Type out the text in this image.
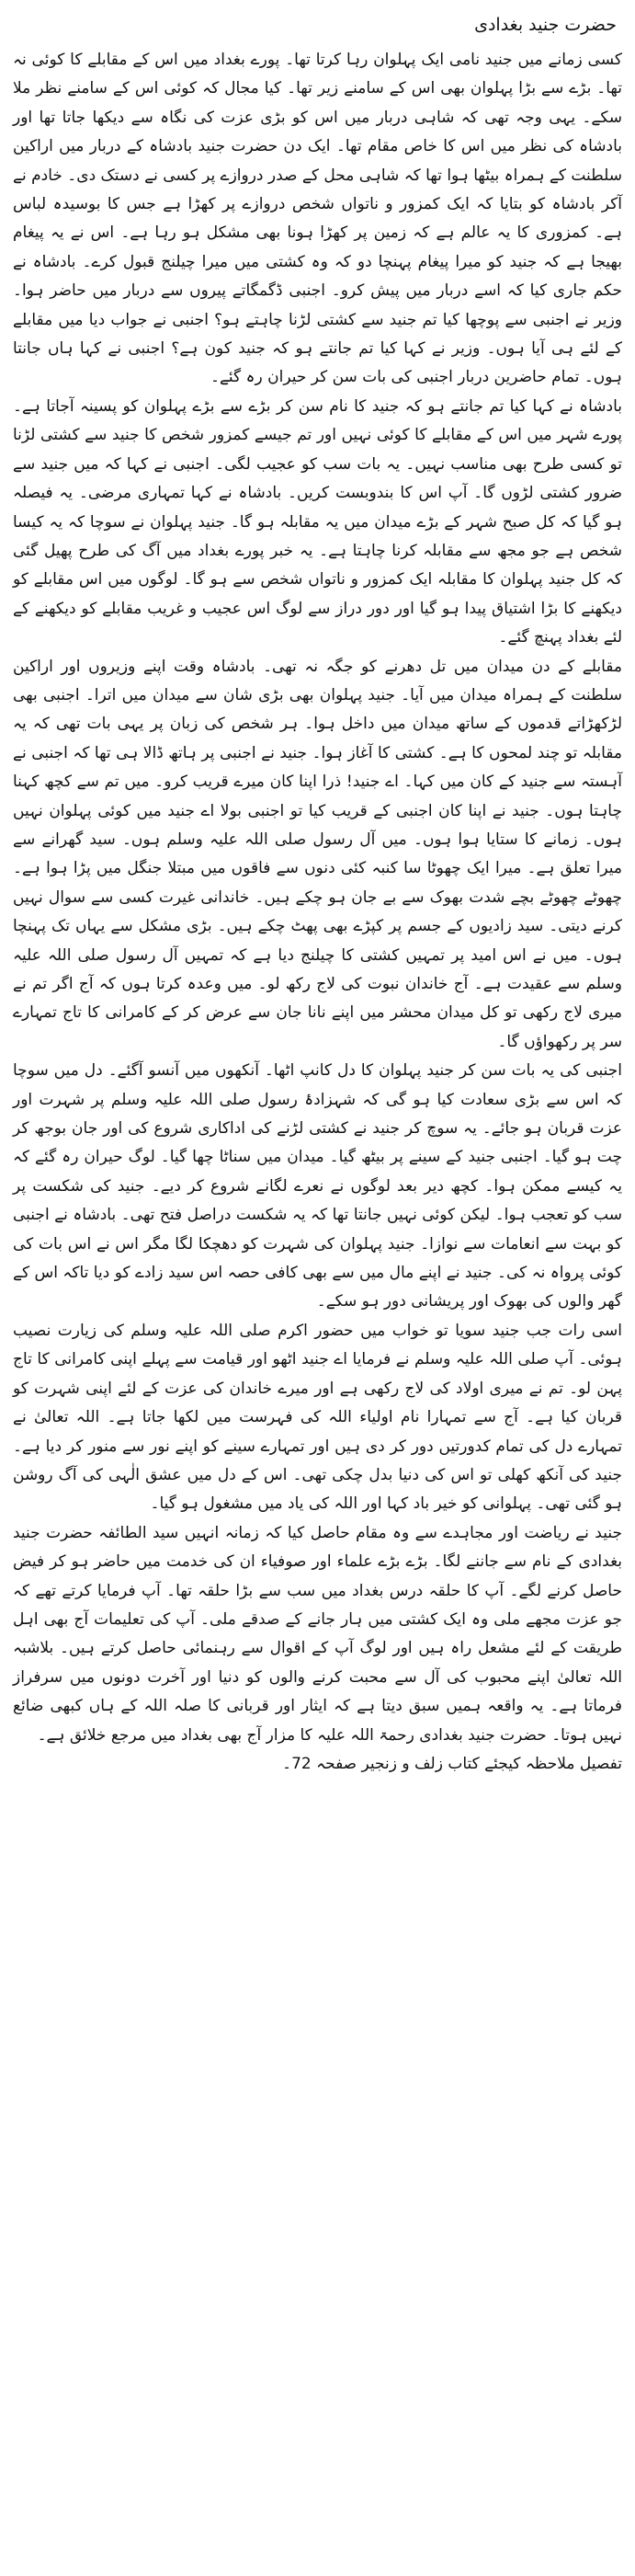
حضرت جنید بغدادی

کسی زمانے میں جنید نامی ایک پہلوان رہا کرتا تھا۔ پورے بغداد میں اس کے مقابلے کا کوئی نہ تھا۔ بڑے سے بڑا پہلوان بھی اس کے سامنے زیر تھا۔ کیا مجال کہ کوئی اس کے سامنے نظر ملا سکے۔ یہی وجہ تھی کہ شاہی دربار میں اس کو بڑی عزت کی نگاہ سے دیکھا جاتا تھا اور بادشاہ کی نظر میں اس کا خاص مقام تھا۔ ایک دن حضرت جنید بادشاہ کے دربار میں اراکین سلطنت کے ہمراہ بیٹھا ہوا تھا کہ شاہی محل کے صدر دروازے پر کسی نے دستک دی۔ خادم نے آکر بادشاہ کو بتایا کہ ایک کمزور و ناتواں شخص دروازے پر کھڑا ہے جس کا بوسیدہ لباس ہے۔ کمزوری کا یہ عالم ہے کہ زمین پر کھڑا ہونا بھی مشکل ہو رہا ہے۔ اس نے یہ پیغام بھیجا ہے کہ جنید کو میرا پیغام پہنچا دو کہ وہ کشتی میں میرا چیلنج قبول کرے۔ بادشاہ نے حکم جاری کیا کہ اسے دربار میں پیش کرو۔ اجنبی ڈگمگاتے پیروں سے دربار میں حاضر ہوا۔ وزیر نے اجنبی سے پوچھا کیا تم جنید سے کشتی لڑنا چاہتے ہو؟ اجنبی نے جواب دیا میں مقابلے کے لئے ہی آیا ہوں۔ وزیر نے کہا کیا تم جانتے ہو کہ جنید کون ہے؟ اجنبی نے کہا ہاں جانتا ہوں۔ تمام حاضرین دربار اجنبی کی بات سن کر حیران رہ گئے۔

بادشاہ نے کہا کیا تم جانتے ہو کہ جنید کا نام سن کر بڑے سے بڑے پہلوان کو پسینہ آجاتا ہے۔ پورے شہر میں اس کے مقابلے کا کوئی نہیں اور تم جیسے کمزور شخص کا جنید سے کشتی لڑنا تو کسی طرح بھی مناسب نہیں۔ یہ بات سب کو عجیب لگی۔ اجنبی نے کہا کہ میں جنید سے ضرور کشتی لڑوں گا۔ آپ اس کا بندوبست کریں۔ بادشاہ نے کہا تمہاری مرضی۔ یہ فیصلہ ہو گیا کہ کل صبح شہر کے بڑے میدان میں یہ مقابلہ ہو گا۔ جنید پہلوان نے سوچا کہ یہ کیسا شخص ہے جو مجھ سے مقابلہ کرنا چاہتا ہے۔ یہ خبر پورے بغداد میں آگ کی طرح پھیل گئی کہ کل جنید پہلوان کا مقابلہ ایک کمزور و ناتواں شخص سے ہو گا۔ لوگوں میں اس مقابلے کو دیکھنے کا بڑا اشتیاق پیدا ہو گیا اور دور دراز سے لوگ اس عجیب و غریب مقابلے کو دیکھنے کے لئے بغداد پہنچ گئے۔

مقابلے کے دن میدان میں تل دھرنے کو جگہ نہ تھی۔ بادشاہ وقت اپنے وزیروں اور اراکین سلطنت کے ہمراہ میدان میں آیا۔ جنید پہلوان بھی بڑی شان سے میدان میں اترا۔ اجنبی بھی لڑکھڑاتے قدموں کے ساتھ میدان میں داخل ہوا۔ ہر شخص کی زبان پر یہی بات تھی کہ یہ مقابلہ تو چند لمحوں کا ہے۔ کشتی کا آغاز ہوا۔ جنید نے اجنبی پر ہاتھ ڈالا ہی تھا کہ اجنبی نے آہستہ سے جنید کے کان میں کہا۔ اے جنید! ذرا اپنا کان میرے قریب کرو۔ میں تم سے کچھ کہنا چاہتا ہوں۔ جنید نے اپنا کان اجنبی کے قریب کیا تو اجنبی بولا اے جنید میں کوئی پہلوان نہیں ہوں۔ زمانے کا ستایا ہوا ہوں۔ میں آل رسول صلی اللہ علیہ وسلم ہوں۔ سید گھرانے سے میرا تعلق ہے۔ میرا ایک چھوٹا سا کنبہ کئی دنوں سے فاقوں میں مبتلا جنگل میں پڑا ہوا ہے۔ چھوٹے چھوٹے بچے شدت بھوک سے بے جان ہو چکے ہیں۔ خاندانی غیرت کسی سے سوال نہیں کرنے دیتی۔ سید زادیوں کے جسم پر کپڑے بھی پھٹ چکے ہیں۔ بڑی مشکل سے یہاں تک پہنچا ہوں۔ میں نے اس امید پر تمہیں کشتی کا چیلنج دیا ہے کہ تمہیں آل رسول صلی اللہ علیہ وسلم سے عقیدت ہے۔ آج خاندان نبوت کی لاج رکھ لو۔ میں وعدہ کرتا ہوں کہ آج اگر تم نے میری لاج رکھی تو کل میدان محشر میں اپنے نانا جان سے عرض کر کے کامرانی کا تاج تمہارے سر پر رکھواؤں گا۔

اجنبی کی یہ بات سن کر جنید پہلوان کا دل کانپ اٹھا۔ آنکھوں میں آنسو آگئے۔ دل میں سوچا کہ اس سے بڑی سعادت کیا ہو گی کہ شہزادۂ رسول صلی اللہ علیہ وسلم پر شہرت اور عزت قربان ہو جائے۔ یہ سوچ کر جنید نے کشتی لڑنے کی اداکاری شروع کی اور جان بوجھ کر چت ہو گیا۔ اجنبی جنید کے سینے پر بیٹھ گیا۔ میدان میں سناٹا چھا گیا۔ لوگ حیران رہ گئے کہ یہ کیسے ممکن ہوا۔ کچھ دیر بعد لوگوں نے نعرے لگانے شروع کر دیے۔ جنید کی شکست پر سب کو تعجب ہوا۔ لیکن کوئی نہیں جانتا تھا کہ یہ شکست دراصل فتح تھی۔ بادشاہ نے اجنبی کو بہت سے انعامات سے نوازا۔ جنید پہلوان کی شہرت کو دھچکا لگا مگر اس نے اس بات کی کوئی پرواہ نہ کی۔ جنید نے اپنے مال میں سے بھی کافی حصہ اس سید زادے کو دیا تاکہ اس کے گھر والوں کی بھوک اور پریشانی دور ہو سکے۔

اسی رات جب جنید سویا تو خواب میں حضور اکرم صلی اللہ علیہ وسلم کی زیارت نصیب ہوئی۔ آپ صلی اللہ علیہ وسلم نے فرمایا اے جنید اٹھو اور قیامت سے پہلے اپنی کامرانی کا تاج پہن لو۔ تم نے میری اولاد کی لاج رکھی ہے اور میرے خاندان کی عزت کے لئے اپنی شہرت کو قربان کیا ہے۔ آج سے تمہارا نام اولیاء اللہ کی فہرست میں لکھا جاتا ہے۔ اللہ تعالیٰ نے تمہارے دل کی تمام کدورتیں دور کر دی ہیں اور تمہارے سینے کو اپنے نور سے منور کر دیا ہے۔ جنید کی آنکھ کھلی تو اس کی دنیا بدل چکی تھی۔ اس کے دل میں عشق الٰہی کی آگ روشن ہو گئی تھی۔ پہلوانی کو خیر باد کہا اور اللہ کی یاد میں مشغول ہو گیا۔

جنید نے ریاضت اور مجاہدے سے وہ مقام حاصل کیا کہ زمانہ انہیں سید الطائفہ حضرت جنید بغدادی کے نام سے جاننے لگا۔ بڑے بڑے علماء اور صوفیاء ان کی خدمت میں حاضر ہو کر فیض حاصل کرنے لگے۔ آپ کا حلقہ درس بغداد میں سب سے بڑا حلقہ تھا۔ آپ فرمایا کرتے تھے کہ جو عزت مجھے ملی وہ ایک کشتی میں ہار جانے کے صدقے ملی۔ آپ کی تعلیمات آج بھی اہل طریقت کے لئے مشعل راہ ہیں اور لوگ آپ کے اقوال سے رہنمائی حاصل کرتے ہیں۔ بلاشبہ اللہ تعالیٰ اپنے محبوب کی آل سے محبت کرنے والوں کو دنیا اور آخرت دونوں میں سرفراز فرماتا ہے۔ یہ واقعہ ہمیں سبق دیتا ہے کہ ایثار اور قربانی کا صلہ اللہ کے ہاں کبھی ضائع نہیں ہوتا۔ حضرت جنید بغدادی رحمۃ اللہ علیہ کا مزار آج بھی بغداد میں مرجع خلائق ہے۔

تفصیل ملاحظہ کیجئے کتاب زلف و زنجیر صفحہ 72۔
